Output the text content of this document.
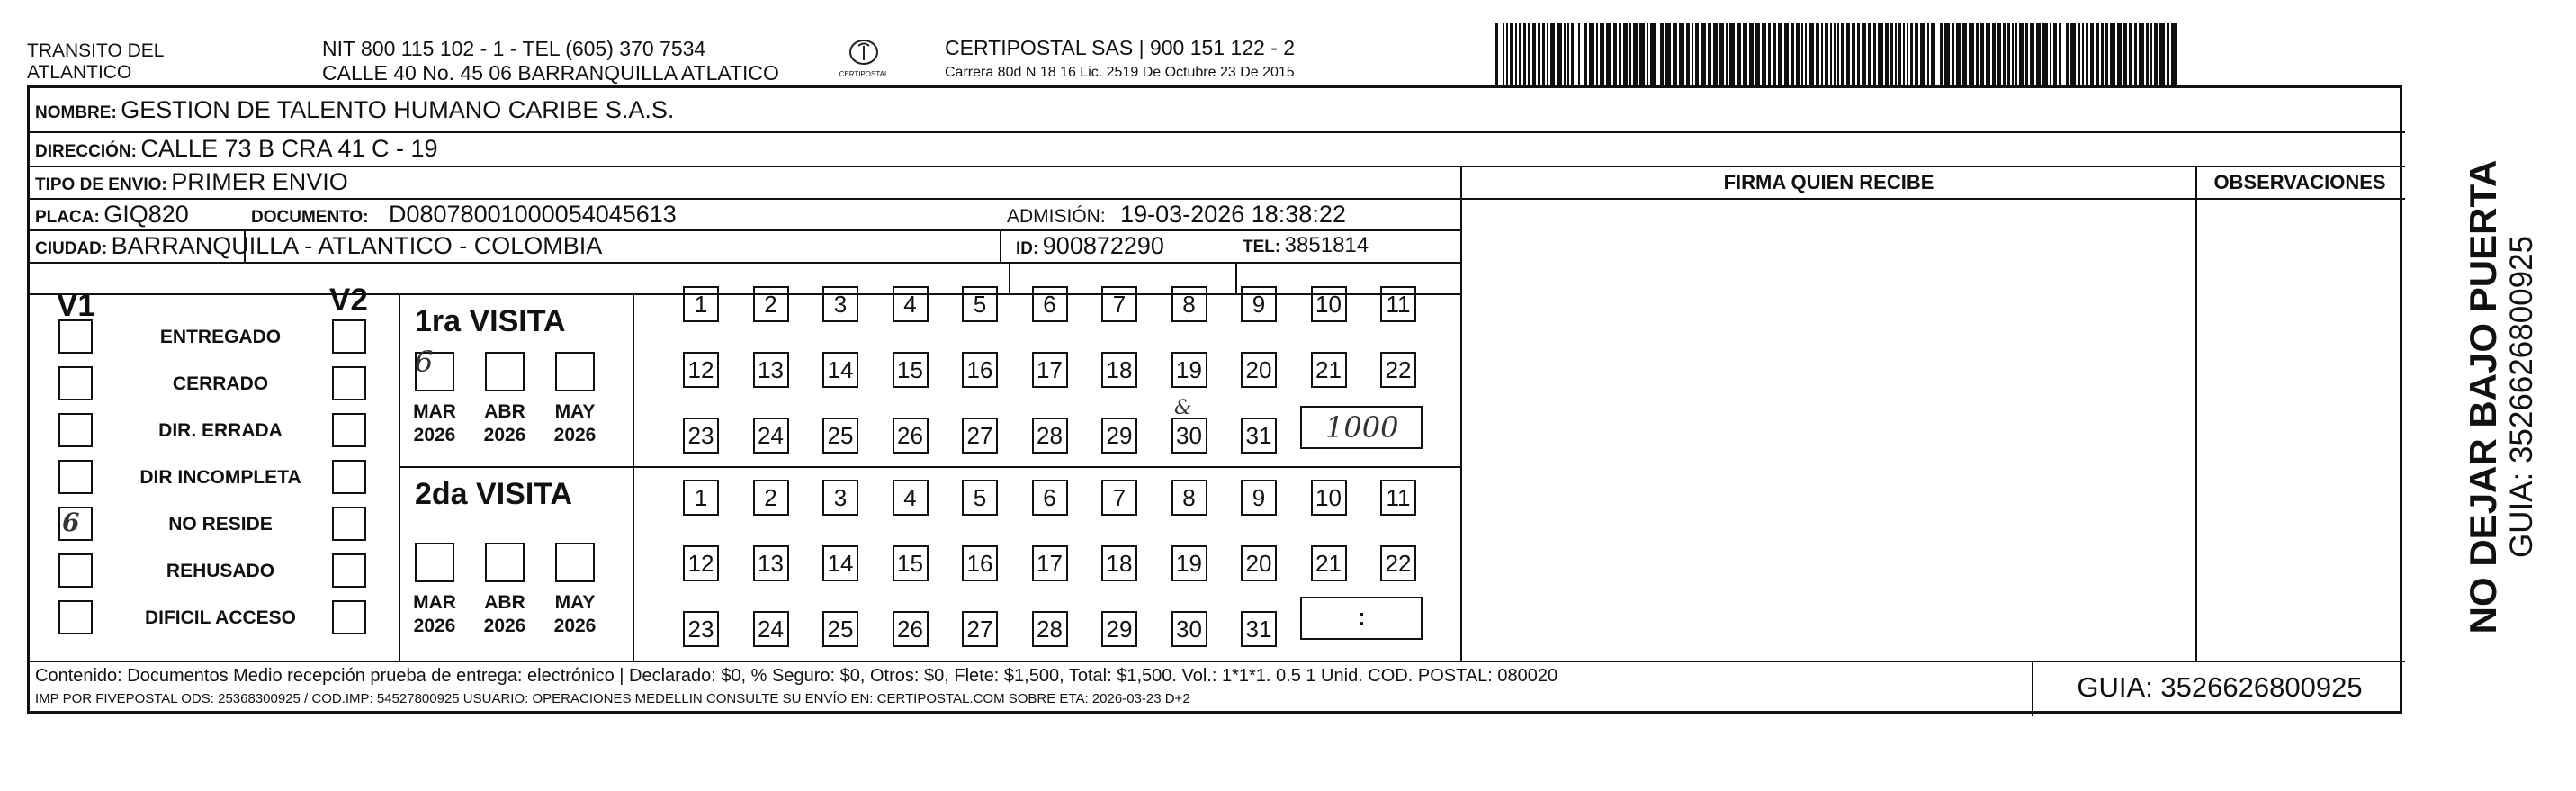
TRANSITO DEL
ATLANTICO
NIT 800 115 102 - 1 - TEL (605) 370 7534
CALLE 40 No. 45 06 BARRANQUILLA ATLATICO	CERTIPOSTAL
CERTIPOSTAL SAS | 900 151 122 - 2
Carrera 80d N 18 16 Lic. 2519 De Octubre 23 De 2015
NOMBRE: GESTION DE TALENTO HUMANO CARIBE S.A.S.
DIRECCIÓN: CALLE 73 B CRA 41 C - 19
TIPO DE ENVIO: PRIMER ENVIO
PLACA: GIQ820	DOCUMENTO: D08078001000054045613	ADMISIÓN: 19-03-2026 18:38:22
CIUDAD: BARRANQUILLA - ATLANTICO - COLOMBIA	ID: 900872290	TEL: 3851814
FIRMA QUIEN RECIBE	OBSERVACIONES
V1	V2
ENTREGADO
CERRADO
DIR. ERRADA
DIR INCOMPLETA
NO RESIDE
REHUSADO
DIFICIL ACCESO
6
1ra VISITA
MAR
2026
ABR
2026
MAY
2026
6
1	2	3	4	5	6	7	8	9	10 11
12 13 14 15 16 17 18 19 20 21 22
23 24 25 26 27 28 29 30 31 1000
&
2da VISITA
MAR
2026
ABR
2026
MAY
2026
1	2	3	4	5	6	7	8	9	10 11
12 13 14 15 16 17 18 19 20 21 22
23 24 25 26 27 28 29 30 31	:
Contenido: Documentos Medio recepción prueba de entrega: electrónico | Declarado: $0, % Seguro: $0, Otros: $0, Flete: $1,500, Total: $1,500. Vol.: 1*1*1. 0.5 1 Unid. COD. POSTAL: 080020
IMP POR FIVEPOSTAL ODS: 25368300925 / COD.IMP: 54527800925 USUARIO: OPERACIONES MEDELLIN CONSULTE SU ENVÍO EN: CERTIPOSTAL.COM SOBRE ETA: 2026-03-23 D+2	GUIA: 3526626800925
NO DEJAR BAJO PUERTA GUIA: 3526626800925
